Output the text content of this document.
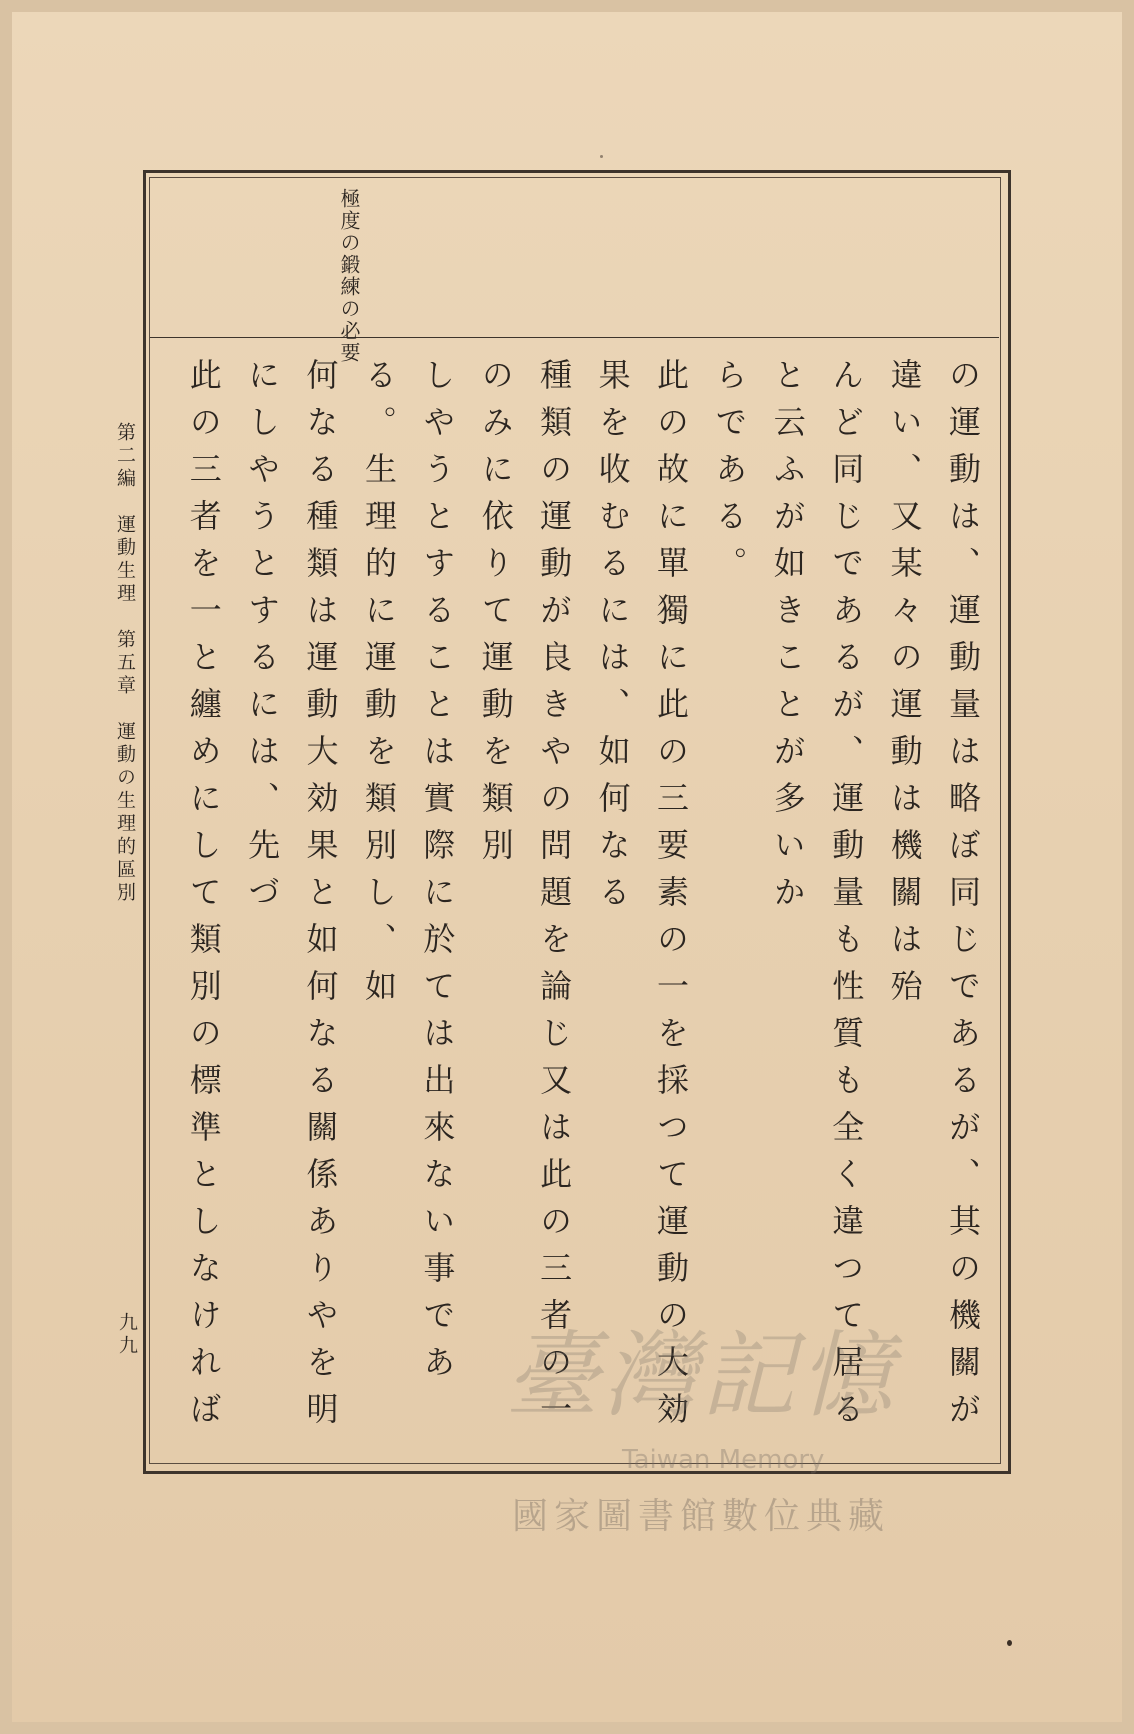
極度の鍛練の必要
の運動は、運動量は略ぼ同じであるが、其の機關が違い、又某々の運動は機關は殆
んど同じであるが、運動量も性質も全く違つて居ると云ふが如きことが多いか
らである。
此の故に單獨に此の三要素の一を採つて運動の大効果を收むるには、如何なる
種類の運動が良きやの問題を論じ又は此の三者の一のみに依りて運動を類別
しやうとすることは實際に於ては出來ない事である。生理的に運動を類別し、如
何なる種類は運動大効果と如何なる關係ありやを明にしやうとするには、先づ
此の三者を一と纏めにして類別の標準としなければ
第二編　運動生理　第五章　運動の生理的區別
九九	臺灣記憶
Taiwan Memory
國家圖書館數位典藏
